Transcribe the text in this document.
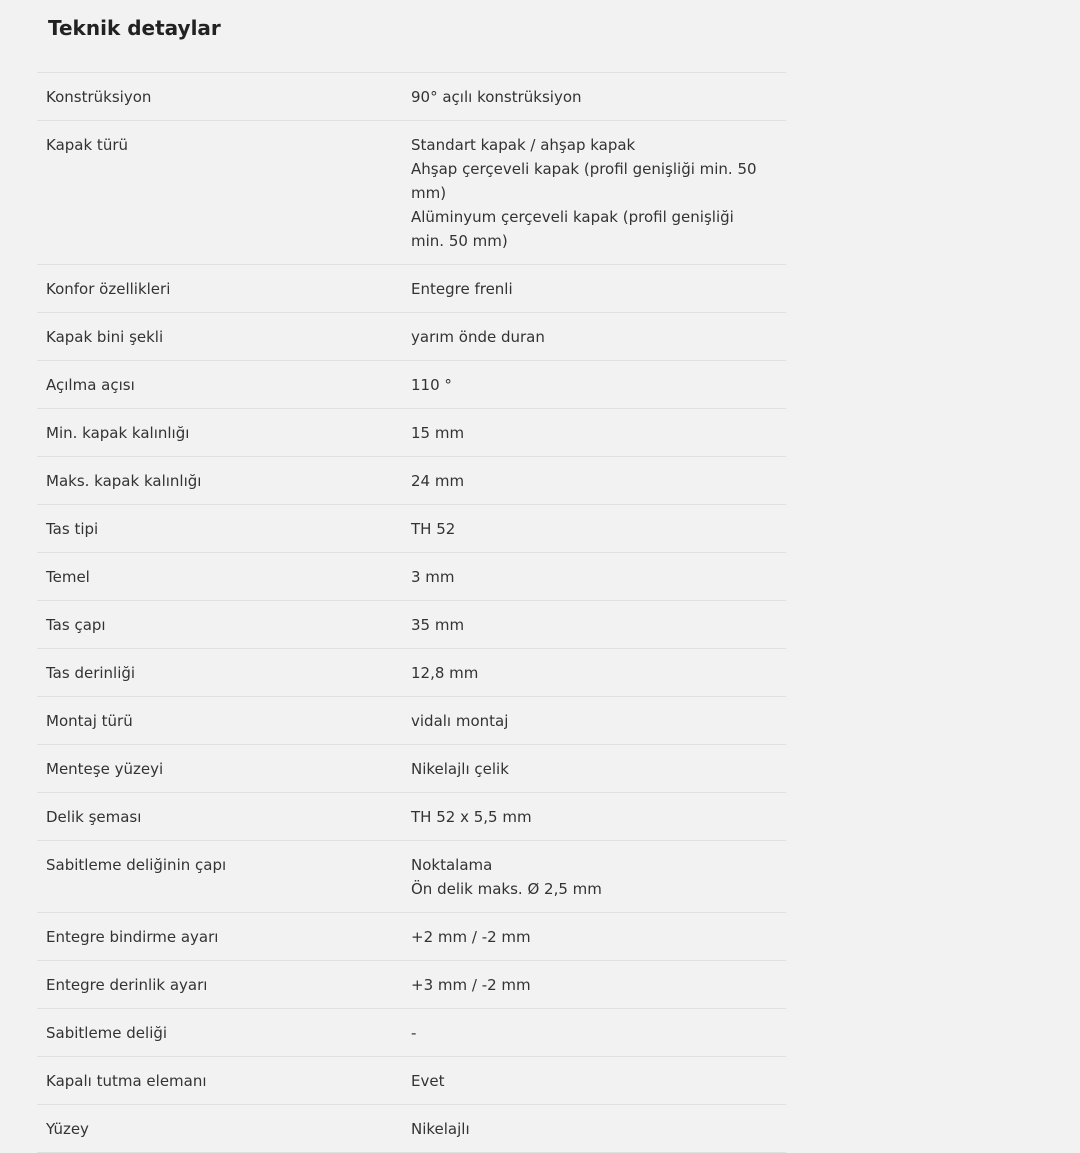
Teknik detaylar
Konstrüksiyon	90° açılı konstrüksiyon
Kapak türü	Standart kapak / ahşap kapak
Ahşap çerçeveli kapak (profil genişliği min. 50
mm)
Alüminyum çerçeveli kapak (profil genişliği
min. 50 mm)
Konfor özellikleri	Entegre frenli
Kapak bini şekli	yarım önde duran
Açılma açısı	110 °
Min. kapak kalınlığı	15 mm
Maks. kapak kalınlığı	24 mm
Tas tipi	TH 52
Temel	3 mm
Tas çapı	35 mm
Tas derinliği	12,8 mm
Montaj türü	vidalı montaj
Menteşe yüzeyi	Nikelajlı çelik
Delik şeması	TH 52 x 5,5 mm
Sabitleme deliğinin çapı	Noktalama
Ön delik maks. Ø 2,5 mm
Entegre bindirme ayarı	+2 mm / -2 mm
Entegre derinlik ayarı	+3 mm / -2 mm
Sabitleme deliği	-
Kapalı tutma elemanı	Evet
Yüzey	Nikelajlı
